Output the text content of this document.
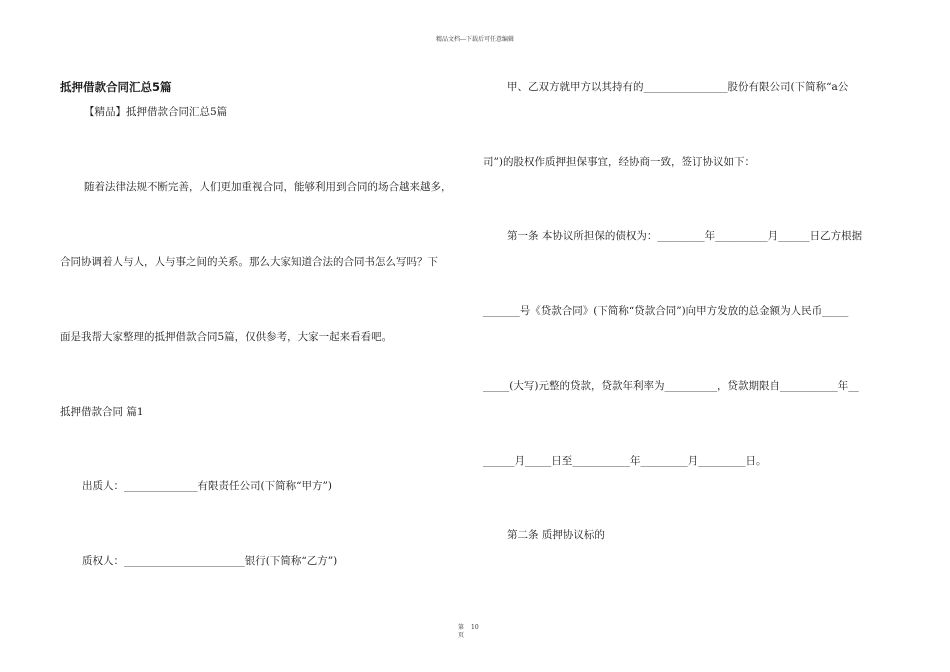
精品文档---下载后可任意编辑
抵押借款合同汇总5篇
【精品】抵押借款合同汇总5篇
随着法律法规不断完善，人们更加重视合同，能够利用到合同的场合越来越多，
合同协调着人与人，人与事之间的关系。那么大家知道合法的合同书怎么写吗？下
面是我帮大家整理的抵押借款合同5篇，仅供参考，大家一起来看看吧。
抵押借款合同 篇1
出质人：______________有限责任公司(下简称“甲方”)
质权人：_______________________银行(下简称“乙方”)
甲、乙双方就甲方以其持有的________________股份有限公司(下简称“a公
司”)的股权作质押担保事宜，经协商一致，签订协议如下：
第一条 本协议所担保的债权为：_________年__________月______日乙方根据
_______号《贷款合同》(下简称“贷款合同”)向甲方发放的总金额为人民币_____
_____(大写)元整的贷款，贷款年利率为__________，贷款期限自___________年__
______月_____日至___________年_________月_________日。
第二条 质押协议标的
第
页
10
